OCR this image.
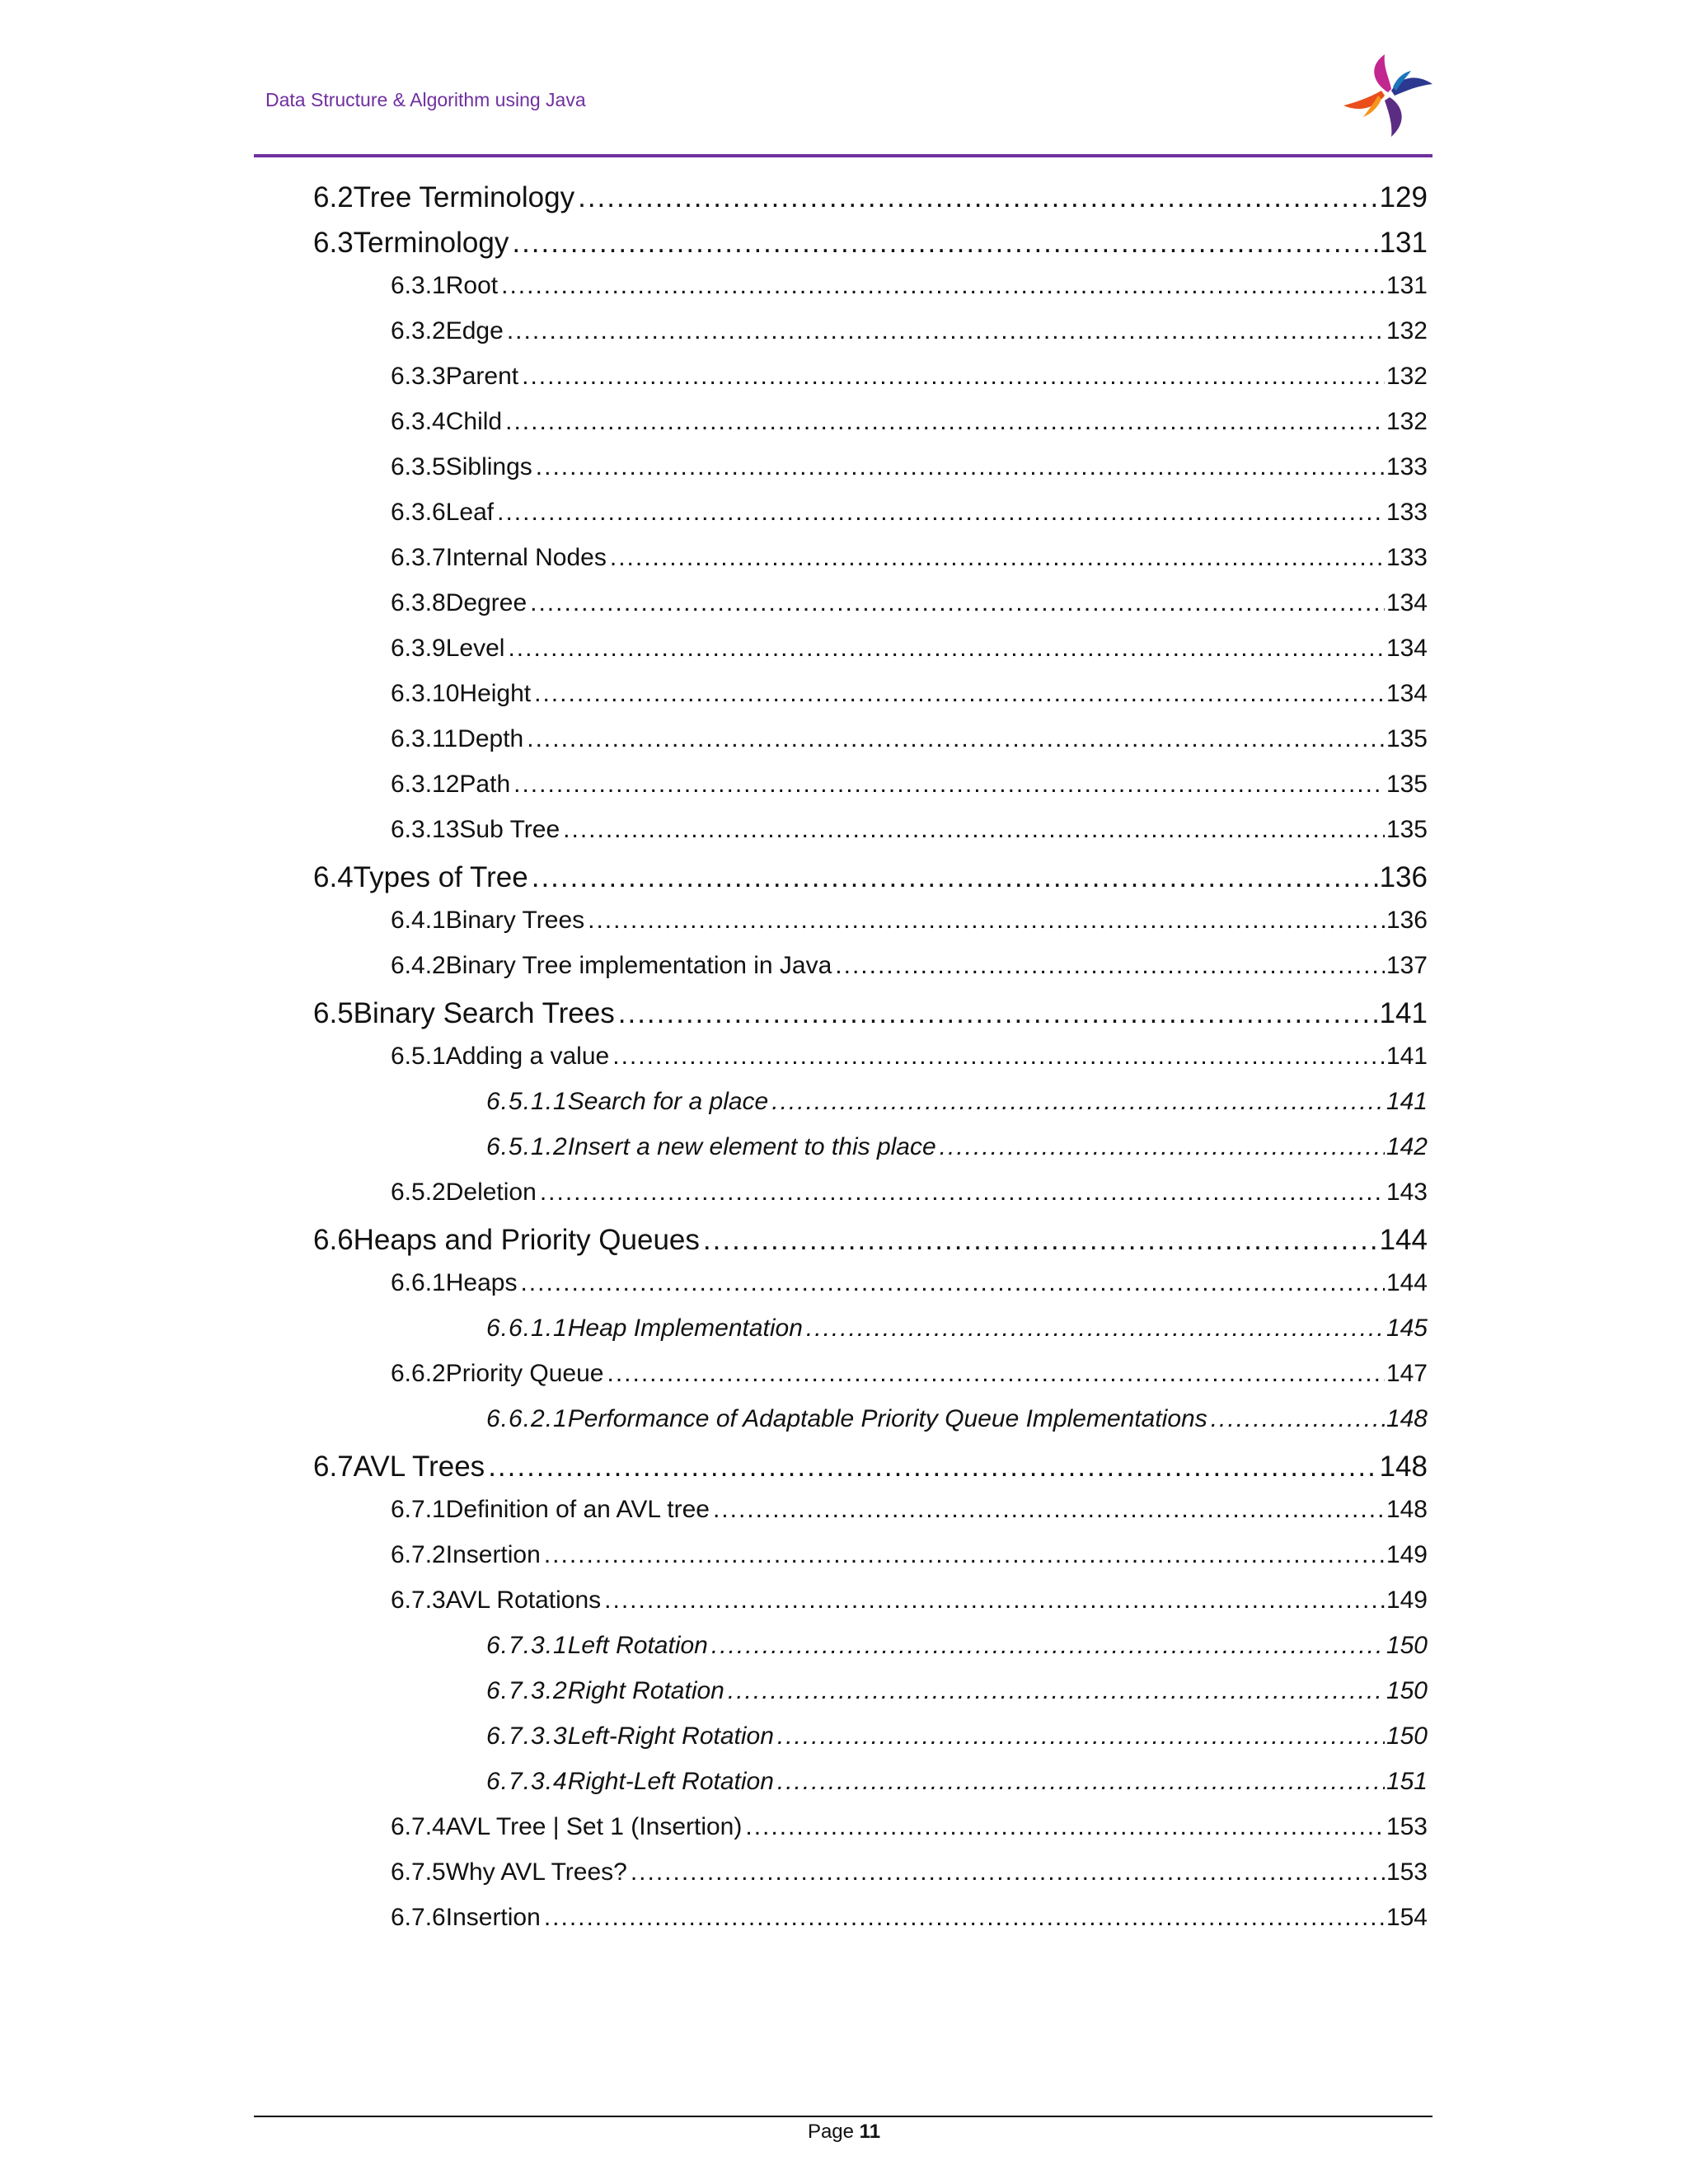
Data Structure & Algorithm using Java
6.2 Tree Terminology .....	129
6.3 Terminology .....	131
6.3.1 Root .....	131
6.3.2 Edge .....	132
6.3.3 Parent .....	132
6.3.4 Child .....	132
6.3.5 Siblings .....	133
6.3.6 Leaf .....	133
6.3.7 Internal Nodes .....	133
6.3.8 Degree .....	134
6.3.9 Level .....	134
6.3.10 Height .....	134
6.3.11 Depth .....	135
6.3.12 Path .....	135
6.3.13 Sub Tree .....	135
6.4 Types of Tree .....	136
6.4.1 Binary Trees .....	136
6.4.2 Binary Tree implementation in Java .....	137
6.5 Binary Search Trees .....	141
6.5.1 Adding a value .....	141
6.5.1.1 Search for a place .....	141
6.5.1.2 Insert a new element to this place .....	142
6.5.2 Deletion .....	143
6.6 Heaps and Priority Queues .....	144
6.6.1 Heaps .....	144
6.6.1.1 Heap Implementation .....	145
6.6.2 Priority Queue .....	147
6.6.2.1 Performance of Adaptable Priority Queue Implementations .....	148
6.7 AVL Trees .....	148
6.7.1 Definition of an AVL tree .....	148
6.7.2 Insertion .....	149
6.7.3 AVL Rotations .....	149
6.7.3.1 Left Rotation .....	150
6.7.3.2 Right Rotation .....	150
6.7.3.3 Left-Right Rotation .....	150
6.7.3.4 Right-Left Rotation .....	151
6.7.4 AVL Tree | Set 1 (Insertion) .....	153
6.7.5 Why AVL Trees? .....	153
6.7.6 Insertion .....	154
Page 11
